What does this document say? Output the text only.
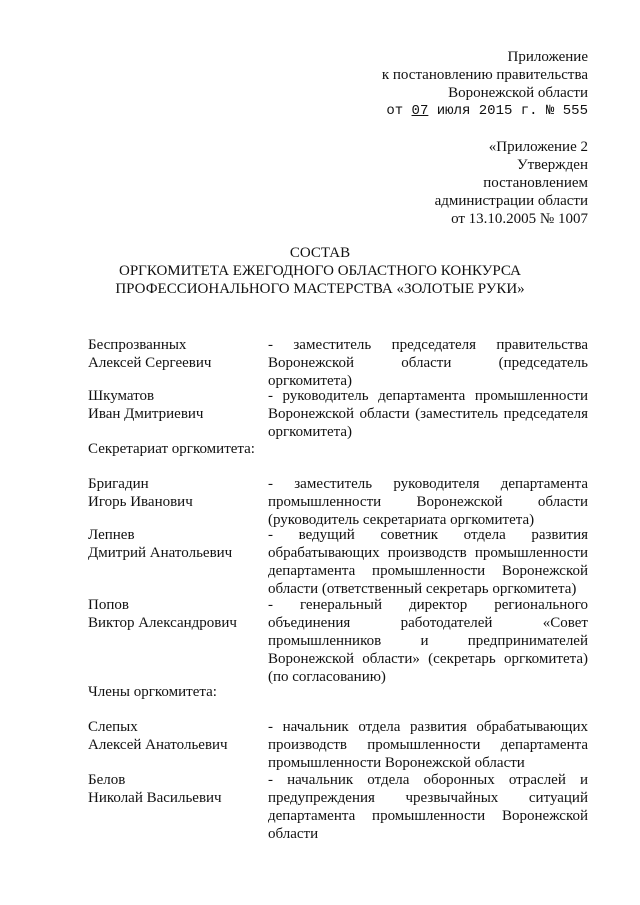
Приложение
к постановлению правительства
Воронежской области
от 07 июля 2015 г. № 555
«Приложение 2
Утвержден
постановлением
администрации области
от 13.10.2005 № 1007
СОСТАВ
ОРГКОМИТЕТА ЕЖЕГОДНОГО ОБЛАСТНОГО КОНКУРСА
ПРОФЕССИОНАЛЬНОГО МАСТЕРСТВА «ЗОЛОТЫЕ РУКИ»
Беспрозванных
Алексей Сергеевич
- заместитель председателя правительства Воронежской области (председатель оргкомитета)
Шкуматов
Иван Дмитриевич
- руководитель департамента промышленности Воронежской области (заместитель председателя оргкомитета)
Секретариат оргкомитета:
Бригадин
Игорь Иванович
- заместитель руководителя департамента промышленности Воронежской области (руководитель секретариата оргкомитета)
Лепнев
Дмитрий Анатольевич
- ведущий советник отдела развития обрабатывающих производств промышленности департамента промышленности Воронежской области (ответственный секретарь оргкомитета)
Попов
Виктор Александрович
- генеральный директор регионального объединения работодателей «Совет промышленников и предпринимателей Воронежской области» (секретарь оргкомитета) (по согласованию)
Члены оргкомитета:
Слепых
Алексей Анатольевич
- начальник отдела развития обрабатывающих производств промышленности департамента промышленности Воронежской области
Белов
Николай Васильевич
- начальник отдела оборонных отраслей и предупреждения чрезвычайных ситуаций департамента промышленности Воронежской области
